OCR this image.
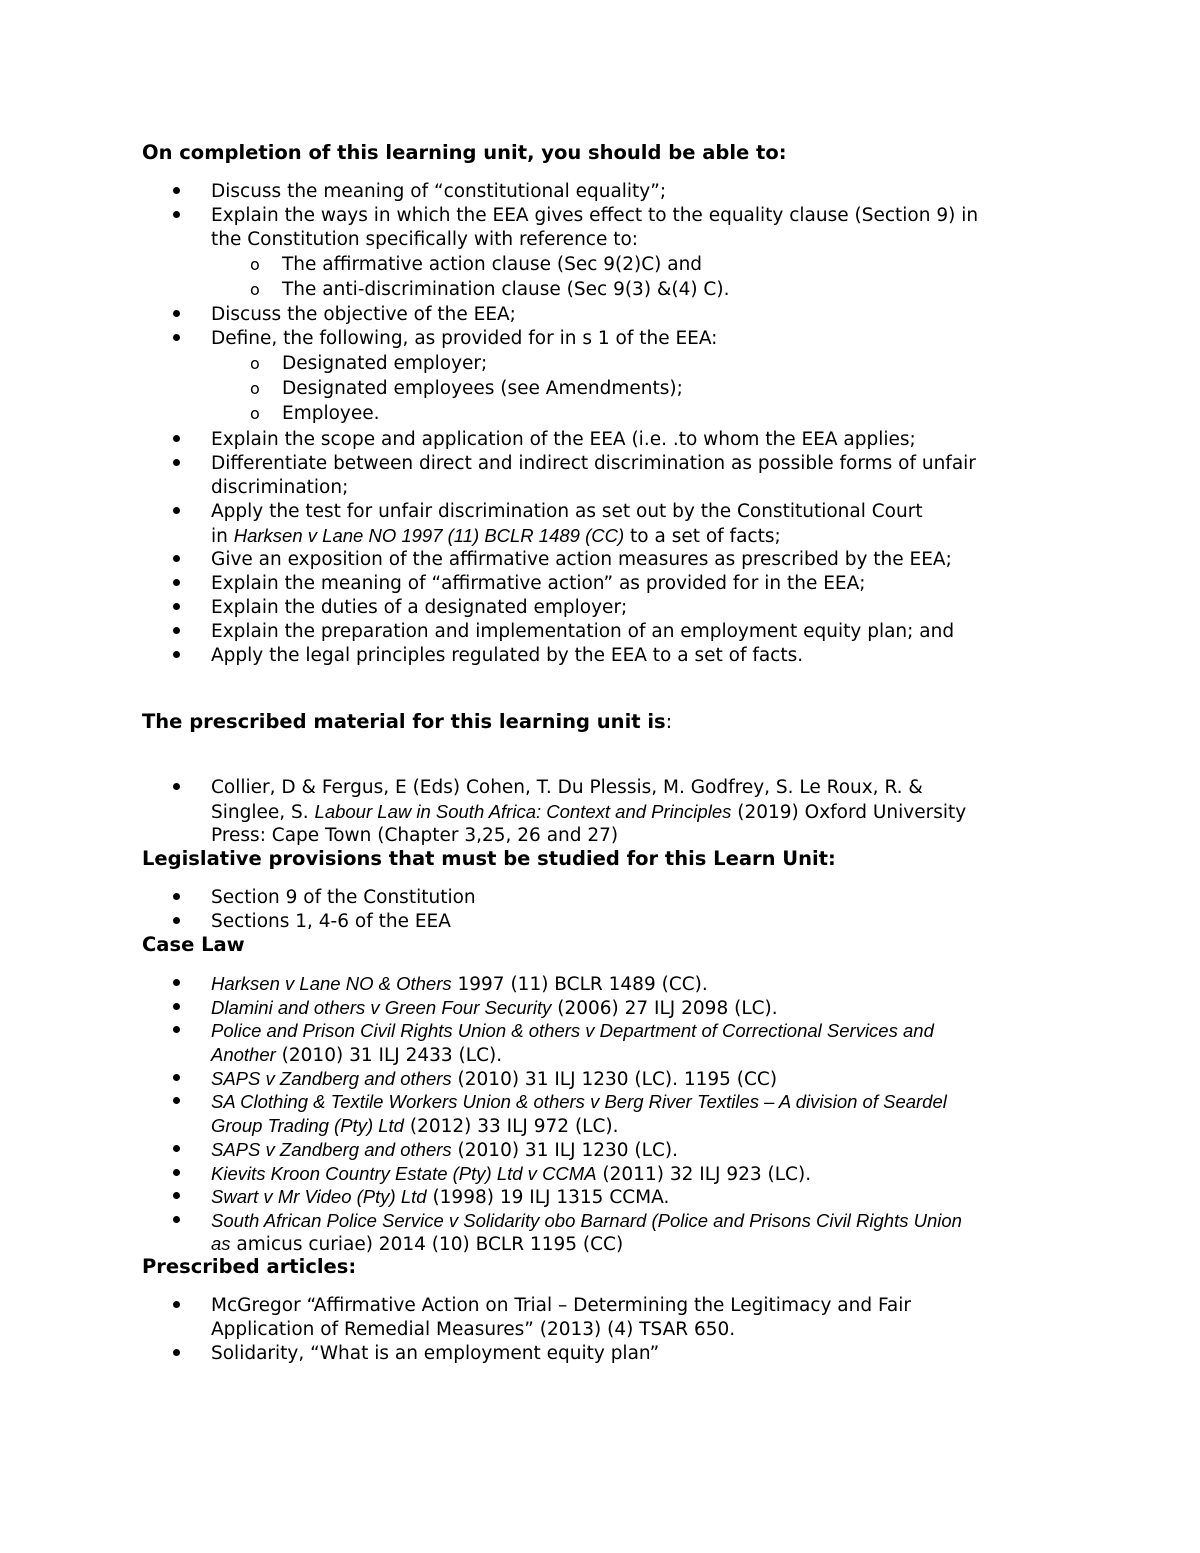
On completion of this learning unit, you should be able to:
Discuss the meaning of “constitutional equality”;
Explain the ways in which the EEA gives effect to the equality clause (Section 9) in
the Constitution specifically with reference to:
o The affirmative action clause (Sec 9(2)C) and
o The anti-discrimination clause (Sec 9(3) &(4) C).
Discuss the objective of the EEA;
Define, the following, as provided for in s 1 of the EEA:
o Designated employer;
o Designated employees (see Amendments);
o Employee.
Explain the scope and application of the EEA (i.e. .to whom the EEA applies;
Differentiate between direct and indirect discrimination as possible forms of unfair
discrimination;
Apply the test for unfair discrimination as set out by the Constitutional Court
in Harksen v Lane NO 1997 (11) BCLR 1489 (CC) to a set of facts;
Give an exposition of the affirmative action measures as prescribed by the EEA;
Explain the meaning of “affirmative action” as provided for in the EEA;
Explain the duties of a designated employer;
Explain the preparation and implementation of an employment equity plan; and
Apply the legal principles regulated by the EEA to a set of facts.
The prescribed material for this learning unit is:
Collier, D & Fergus, E (Eds) Cohen, T. Du Plessis, M. Godfrey, S. Le Roux, R. &
Singlee, S. Labour Law in South Africa: Context and Principles (2019) Oxford University
Press: Cape Town (Chapter 3,25, 26 and 27)
Legislative provisions that must be studied for this Learn Unit:
Section 9 of the Constitution
Sections 1, 4-6 of the EEA
Case Law
Harksen v Lane NO & Others 1997 (11) BCLR 1489 (CC).
Dlamini and others v Green Four Security (2006) 27 ILJ 2098 (LC).
Police and Prison Civil Rights Union & others v Department of Correctional Services and
Another (2010) 31 ILJ 2433 (LC).
SAPS v Zandberg and others (2010) 31 ILJ 1230 (LC). 1195 (CC)
SA Clothing & Textile Workers Union & others v Berg River Textiles – A division of Seardel
Group Trading (Pty) Ltd (2012) 33 ILJ 972 (LC).
SAPS v Zandberg and others (2010) 31 ILJ 1230 (LC).
Kievits Kroon Country Estate (Pty) Ltd v CCMA (2011) 32 ILJ 923 (LC).
Swart v Mr Video (Pty) Ltd (1998) 19 ILJ 1315 CCMA.
South African Police Service v Solidarity obo Barnard (Police and Prisons Civil Rights Union
as amicus curiae) 2014 (10) BCLR 1195 (CC)
Prescribed articles:
McGregor “Affirmative Action on Trial – Determining the Legitimacy and Fair
Application of Remedial Measures” (2013) (4) TSAR 650.
Solidarity, “What is an employment equity plan”
